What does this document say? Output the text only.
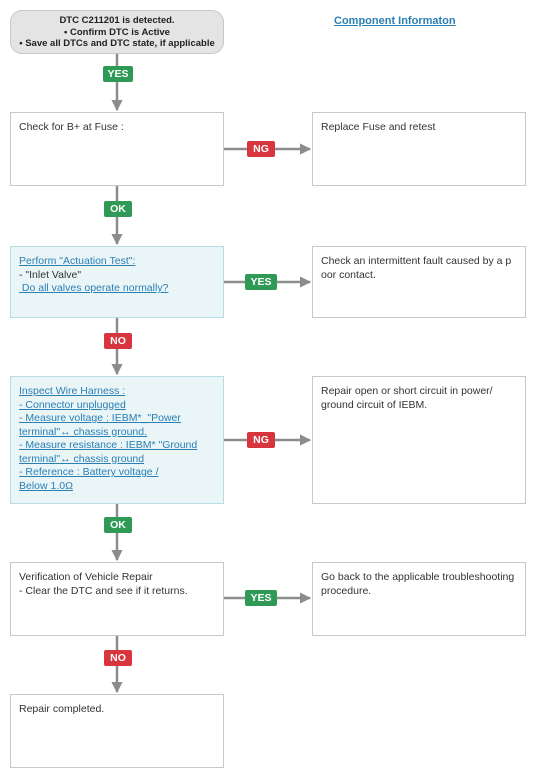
DTC C211201 is detected.
• Confirm DTC is Active
• Save all DTCs and DTC state, if applicable
Component Informaton
Check for B+ at Fuse :
Perform "Actuation Test":
- "Inlet Valve"
Do all valves operate normally?
Inspect Wire Harness :
- Connector unplugged
- Measure voltage : IEBM*_"Power
terminal"↔ chassis ground.
- Measure resistance : IEBM* "Ground
terminal"↔ chassis ground
- Reference : Battery voltage /
Below 1.0Ω
Verification of Vehicle Repair
- Clear the DTC and see if it returns.
Repair completed.
Replace Fuse and retest
Check an intermittent fault caused by a p
oor contact.
Repair open or short circuit in power/
ground circuit of IEBM.
Go back to the applicable troubleshooting
procedure.
YES
NG
OK
YES
NO
NG
OK
YES
NO
